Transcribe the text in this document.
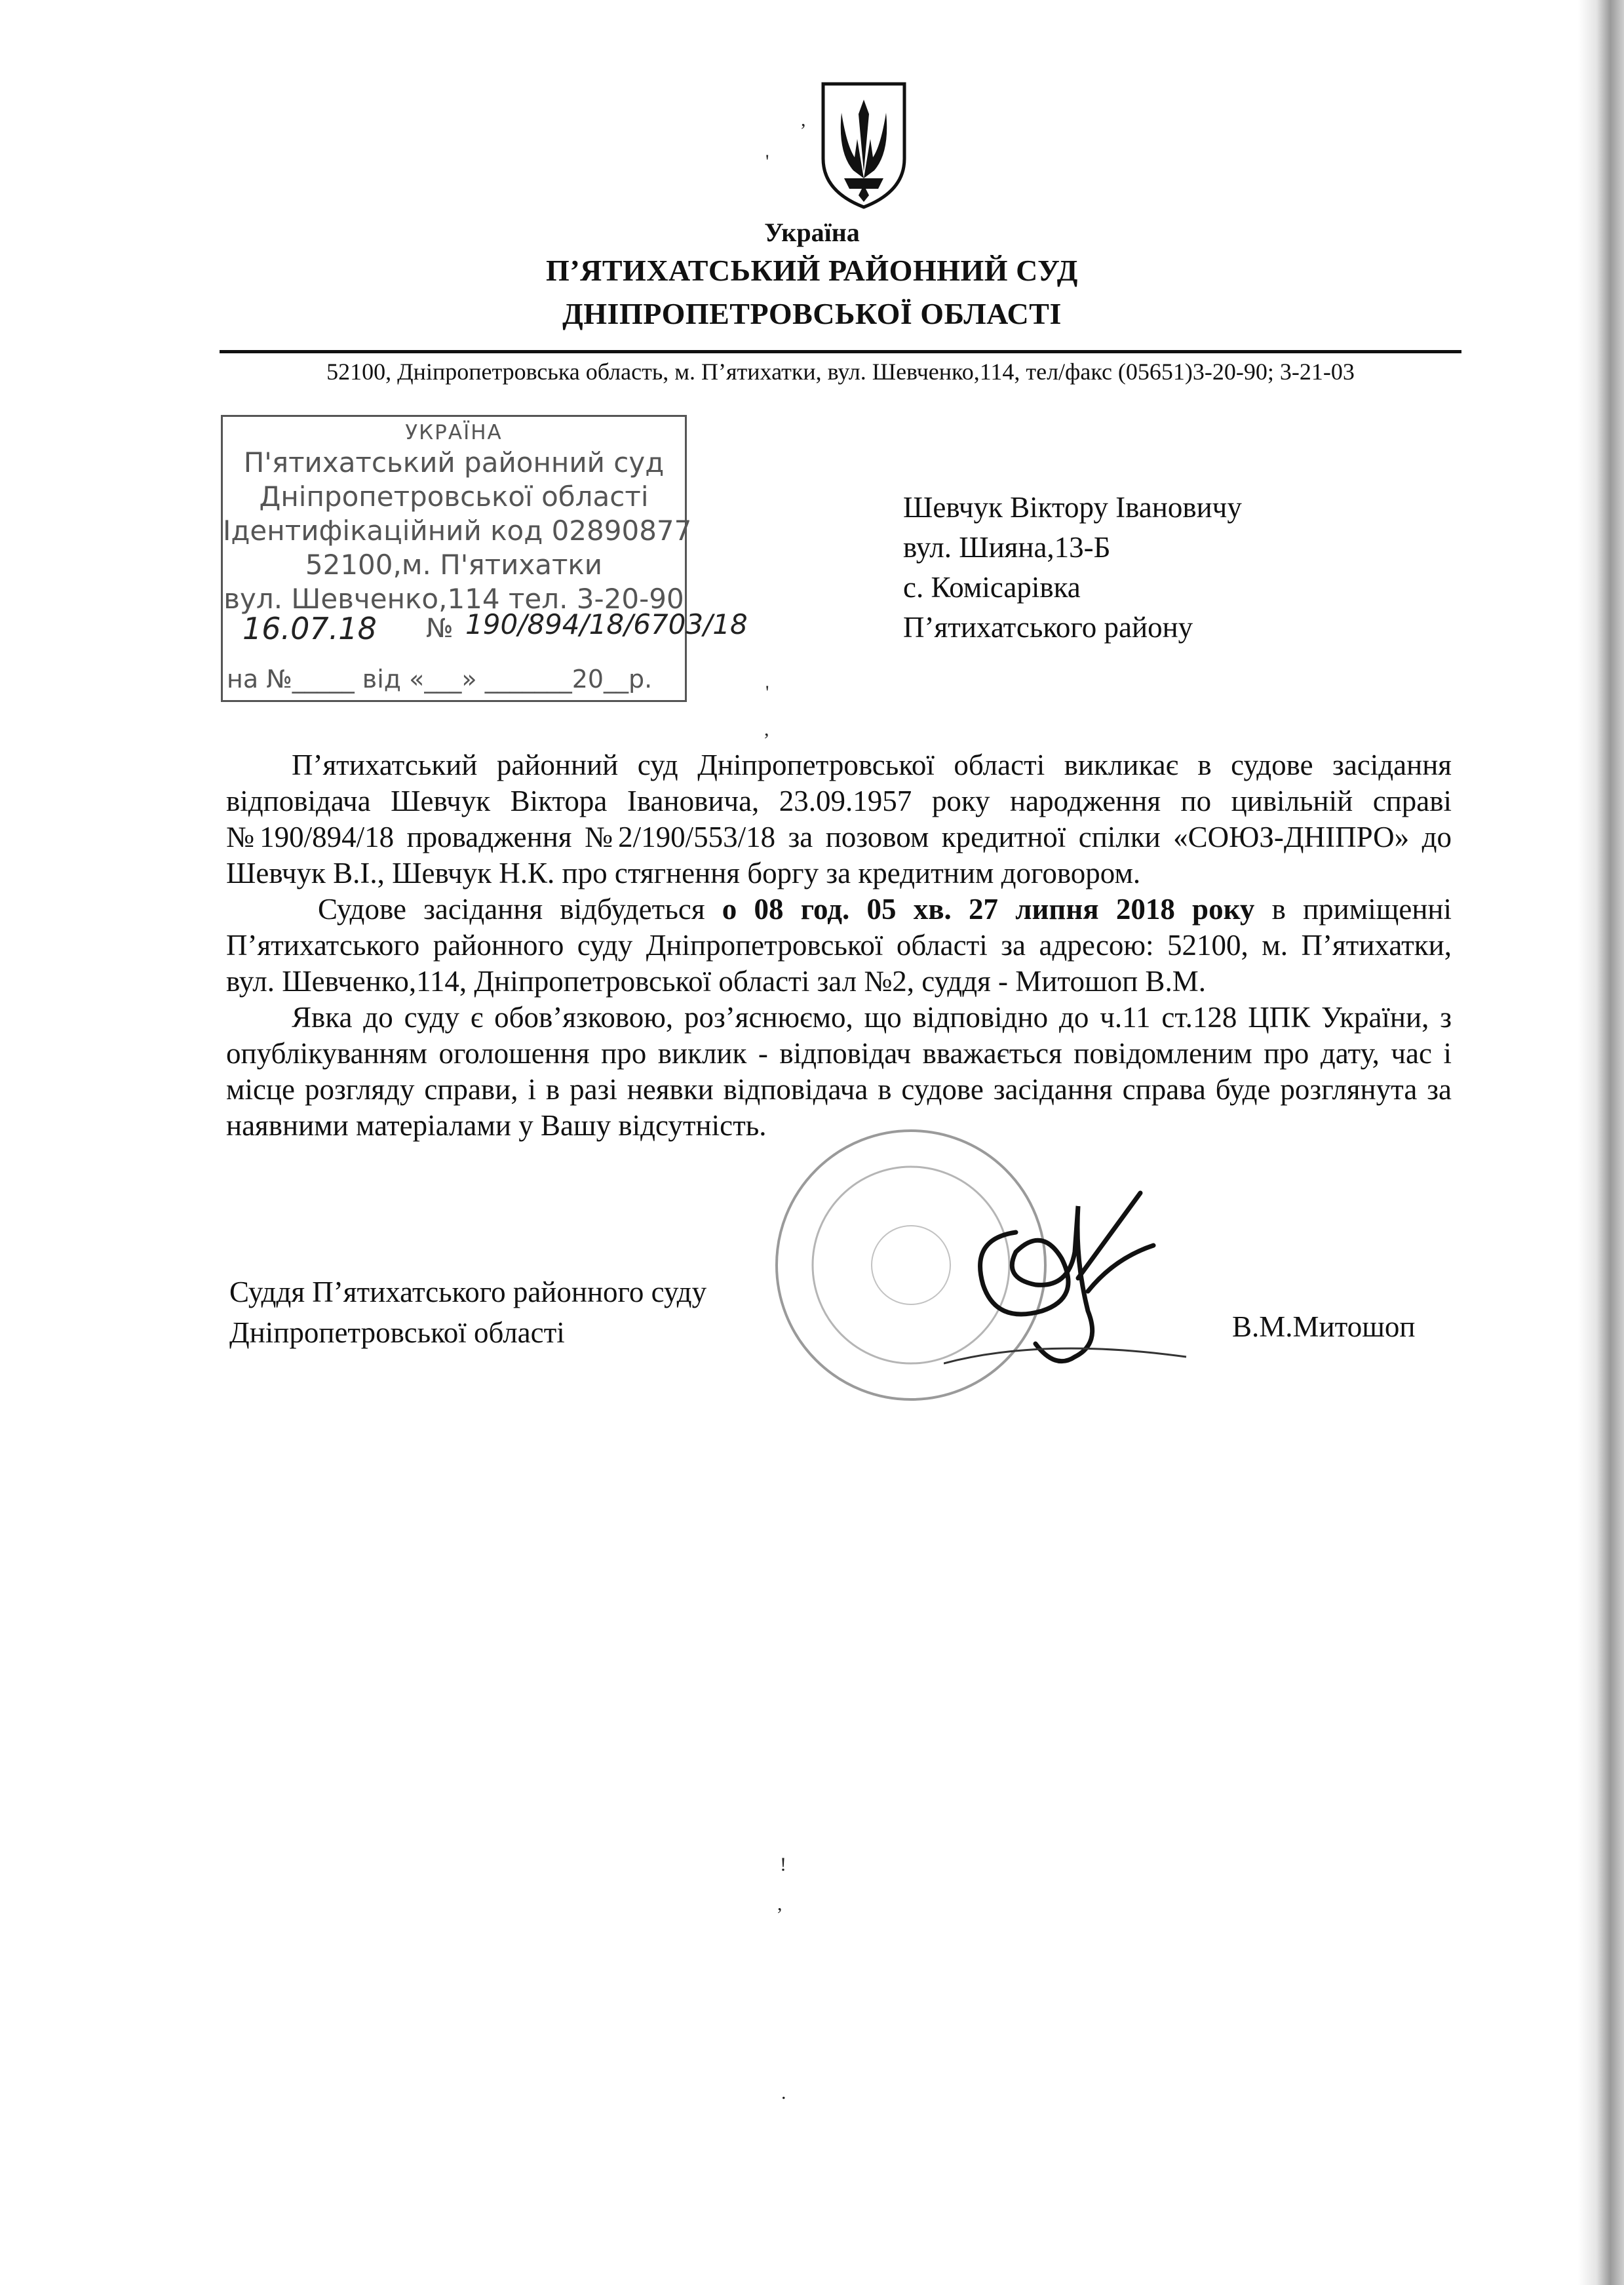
,
'
Україна
П’ЯТИХАТСЬКИЙ РАЙОННИЙ СУД
ДНІПРОПЕТРОВСЬКОЇ ОБЛАСТІ
52100, Дніпропетровська область, м. П’ятихатки, вул. Шевченко,114, тел/факс (05651)3-20-90; 3-21-03
УКРАЇНА
П'ятихатський районний суд
Дніпропетровської області
Ідентифікаційний код 02890877
52100,м. П'ятихатки
вул. Шевченко,114 тел. 3-20-90
16.07.18 № 190/894/18/6703/18
на №_____ від «___» _______20__р.
Шевчук Віктору Івановичу
вул. Шияна,13-Б
с. Комісарівка
П’ятихатського району
'
,

П’ятихатський районний суд Дніпропетровської області викликає в судове засідання відповідача Шевчук Віктора Івановича, 23.09.1957 року народження по цивільній справі №190/894/18 провадження №2/190/553/18 за позовом кредитної спілки «СОЮЗ-ДНІПРО» до Шевчук В.І., Шевчук Н.К. про стягнення боргу за кредитним договором.

Судове засідання відбудеться о 08 год. 05 хв. 27 липня 2018 року в приміщенні П’ятихатського районного суду Дніпропетровської області за адресою: 52100, м. П’ятихатки, вул. Шевченко,114, Дніпропетровської області зал №2, суддя - Митошоп В.М.

Явка до суду є обов’язковою, роз’яснюємо, що відповідно до ч.11 ст.128 ЦПК України, з опублікуванням оголошення про виклик - відповідач вважається повідомленим про дату, час і місце розгляду справи, і в разі неявки відповідача в судове засідання справа буде розглянута за наявними матеріалами у Вашу відсутність.

Суддя П’ятихатського районного суду
Дніпропетровської області	В.М.Митошоп
!
,
.
